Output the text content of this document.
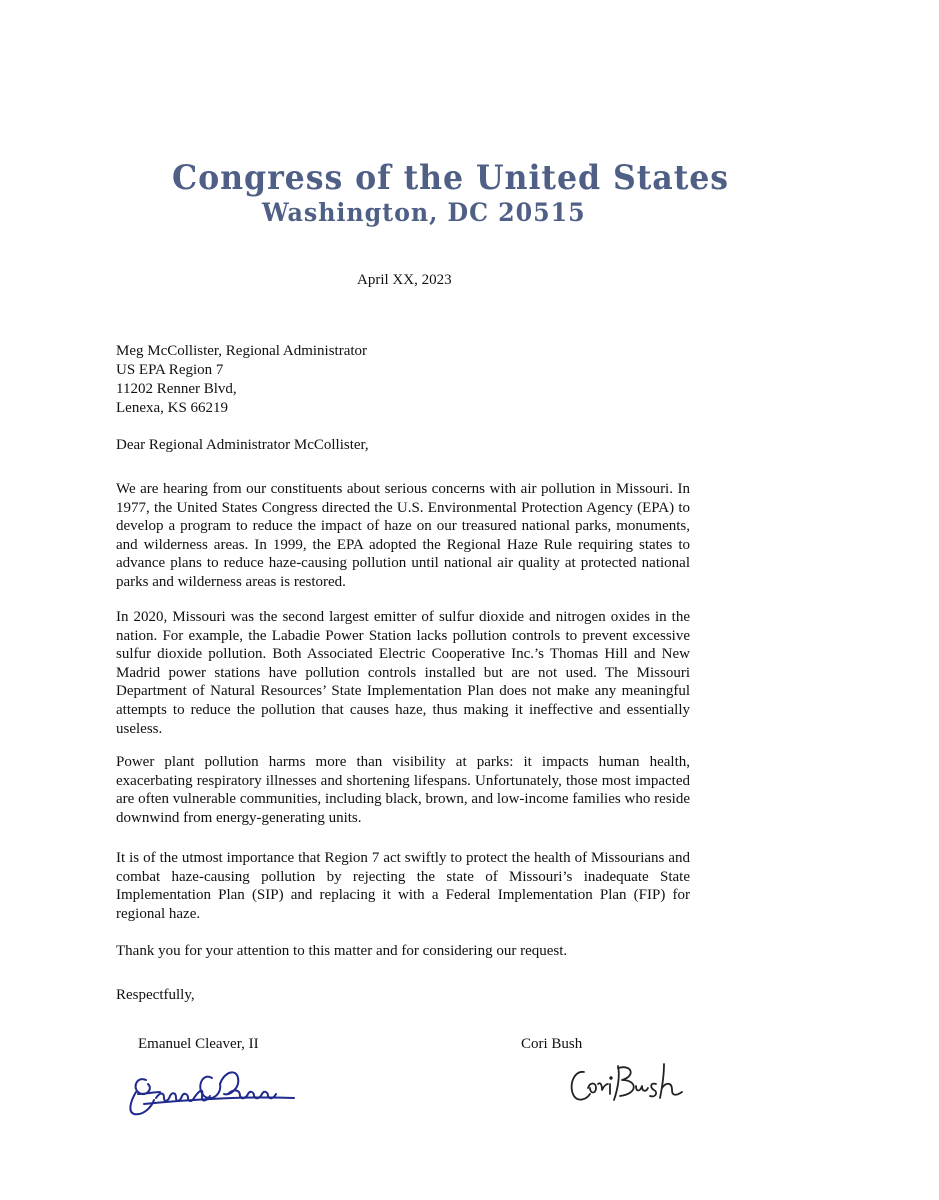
Congress of the United States
Washington, DC 20515
April XX, 2023
Meg McCollister, Regional Administrator
US EPA Region 7
11202 Renner Blvd,
Lenexa, KS 66219
Dear Regional Administrator McCollister,
We are hearing from our constituents about serious concerns with air pollution in Missouri. In 1977, the United States Congress directed the U.S. Environmental Protection Agency (EPA) to develop a program to reduce the impact of haze on our treasured national parks, monuments, and wilderness areas. In 1999, the EPA adopted the Regional Haze Rule requiring states to advance plans to reduce haze-causing pollution until national air quality at protected national parks and wilderness areas is restored.
In 2020, Missouri was the second largest emitter of sulfur dioxide and nitrogen oxides in the nation. For example, the Labadie Power Station lacks pollution controls to prevent excessive sulfur dioxide pollution. Both Associated Electric Cooperative Inc.’s Thomas Hill and New Madrid power stations have pollution controls installed but are not used. The Missouri Department of Natural Resources’ State Implementation Plan does not make any meaningful attempts to reduce the pollution that causes haze, thus making it ineffective and essentially useless.
Power plant pollution harms more than visibility at parks: it impacts human health, exacerbating respiratory illnesses and shortening lifespans. Unfortunately, those most impacted are often vulnerable communities, including black, brown, and low-income families who reside downwind from energy-generating units.
It is of the utmost importance that Region 7 act swiftly to protect the health of Missourians and combat haze-causing pollution by rejecting the state of Missouri’s inadequate State Implementation Plan (SIP) and replacing it with a Federal Implementation Plan (FIP) for regional haze.
Thank you for your attention to this matter and for considering our request.
Respectfully,
Emanuel Cleaver, II	Cori Bush
